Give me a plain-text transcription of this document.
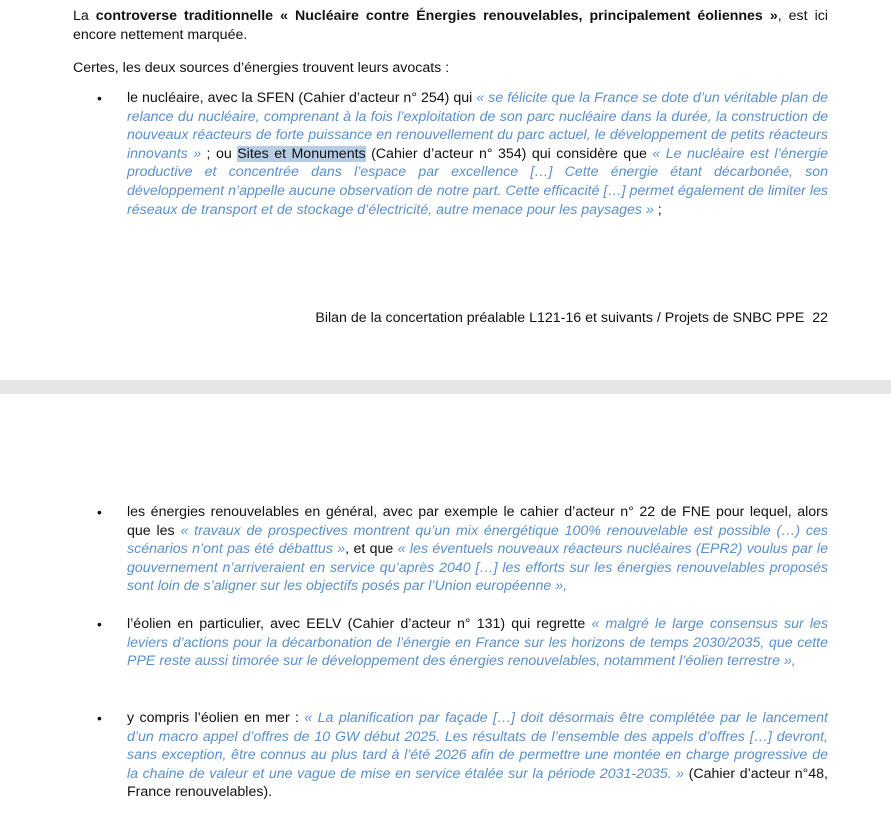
La controverse traditionnelle « Nucléaire contre Énergies renouvelables, principalement éoliennes », est ici encore nettement marquée.

Certes, les deux sources d’énergies trouvent leurs avocats :

• le nucléaire, avec la SFEN (Cahier d’acteur n° 254) qui « se félicite que la France se dote d’un véritable plan de relance du nucléaire, comprenant à la fois l’exploitation de son parc nucléaire dans la durée, la construction de nouveaux réacteurs de forte puissance en renouvellement du parc actuel, le développement de petits réacteurs innovants » ; ou Sites et Monuments (Cahier d’acteur n° 354) qui considère que « Le nucléaire est l’énergie productive et concentrée dans l’espace par excellence […] Cette énergie étant décarbonée, son développement n’appelle aucune observation de notre part. Cette efficacité […] permet également de limiter les réseaux de transport et de stockage d’électricité, autre menace pour les paysages » ;

Bilan de la concertation préalable L121-16 et suivants / Projets de SNBC PPE 22
• les énergies renouvelables en général, avec par exemple le cahier d’acteur n° 22 de FNE pour lequel, alors que les « travaux de prospectives montrent qu’un mix énergétique 100% renouvelable est possible (…) ces scénarios n’ont pas été débattus », et que « les éventuels nouveaux réacteurs nucléaires (EPR2) voulus par le gouvernement n’arriveraient en service qu’après 2040 […] les efforts sur les énergies renouvelables proposés sont loin de s’aligner sur les objectifs posés par l’Union européenne »,

• l’éolien en particulier, avec EELV (Cahier d’acteur n° 131) qui regrette « malgré le large consensus sur les leviers d’actions pour la décarbonation de l’énergie en France sur les horizons de temps 2030/2035, que cette PPE reste aussi timorée sur le développement des énergies renouvelables, notamment l’éolien terrestre »,

• y compris l’éolien en mer : « La planification par façade […] doit désormais être complétée par le lancement d’un macro appel d’offres de 10 GW début 2025. Les résultats de l’ensemble des appels d’offres […] devront, sans exception, être connus au plus tard à l’été 2026 afin de permettre une montée en charge progressive de la chaine de valeur et une vague de mise en service étalée sur la période 2031-2035. » (Cahier d’acteur n°48, France renouvelables).
